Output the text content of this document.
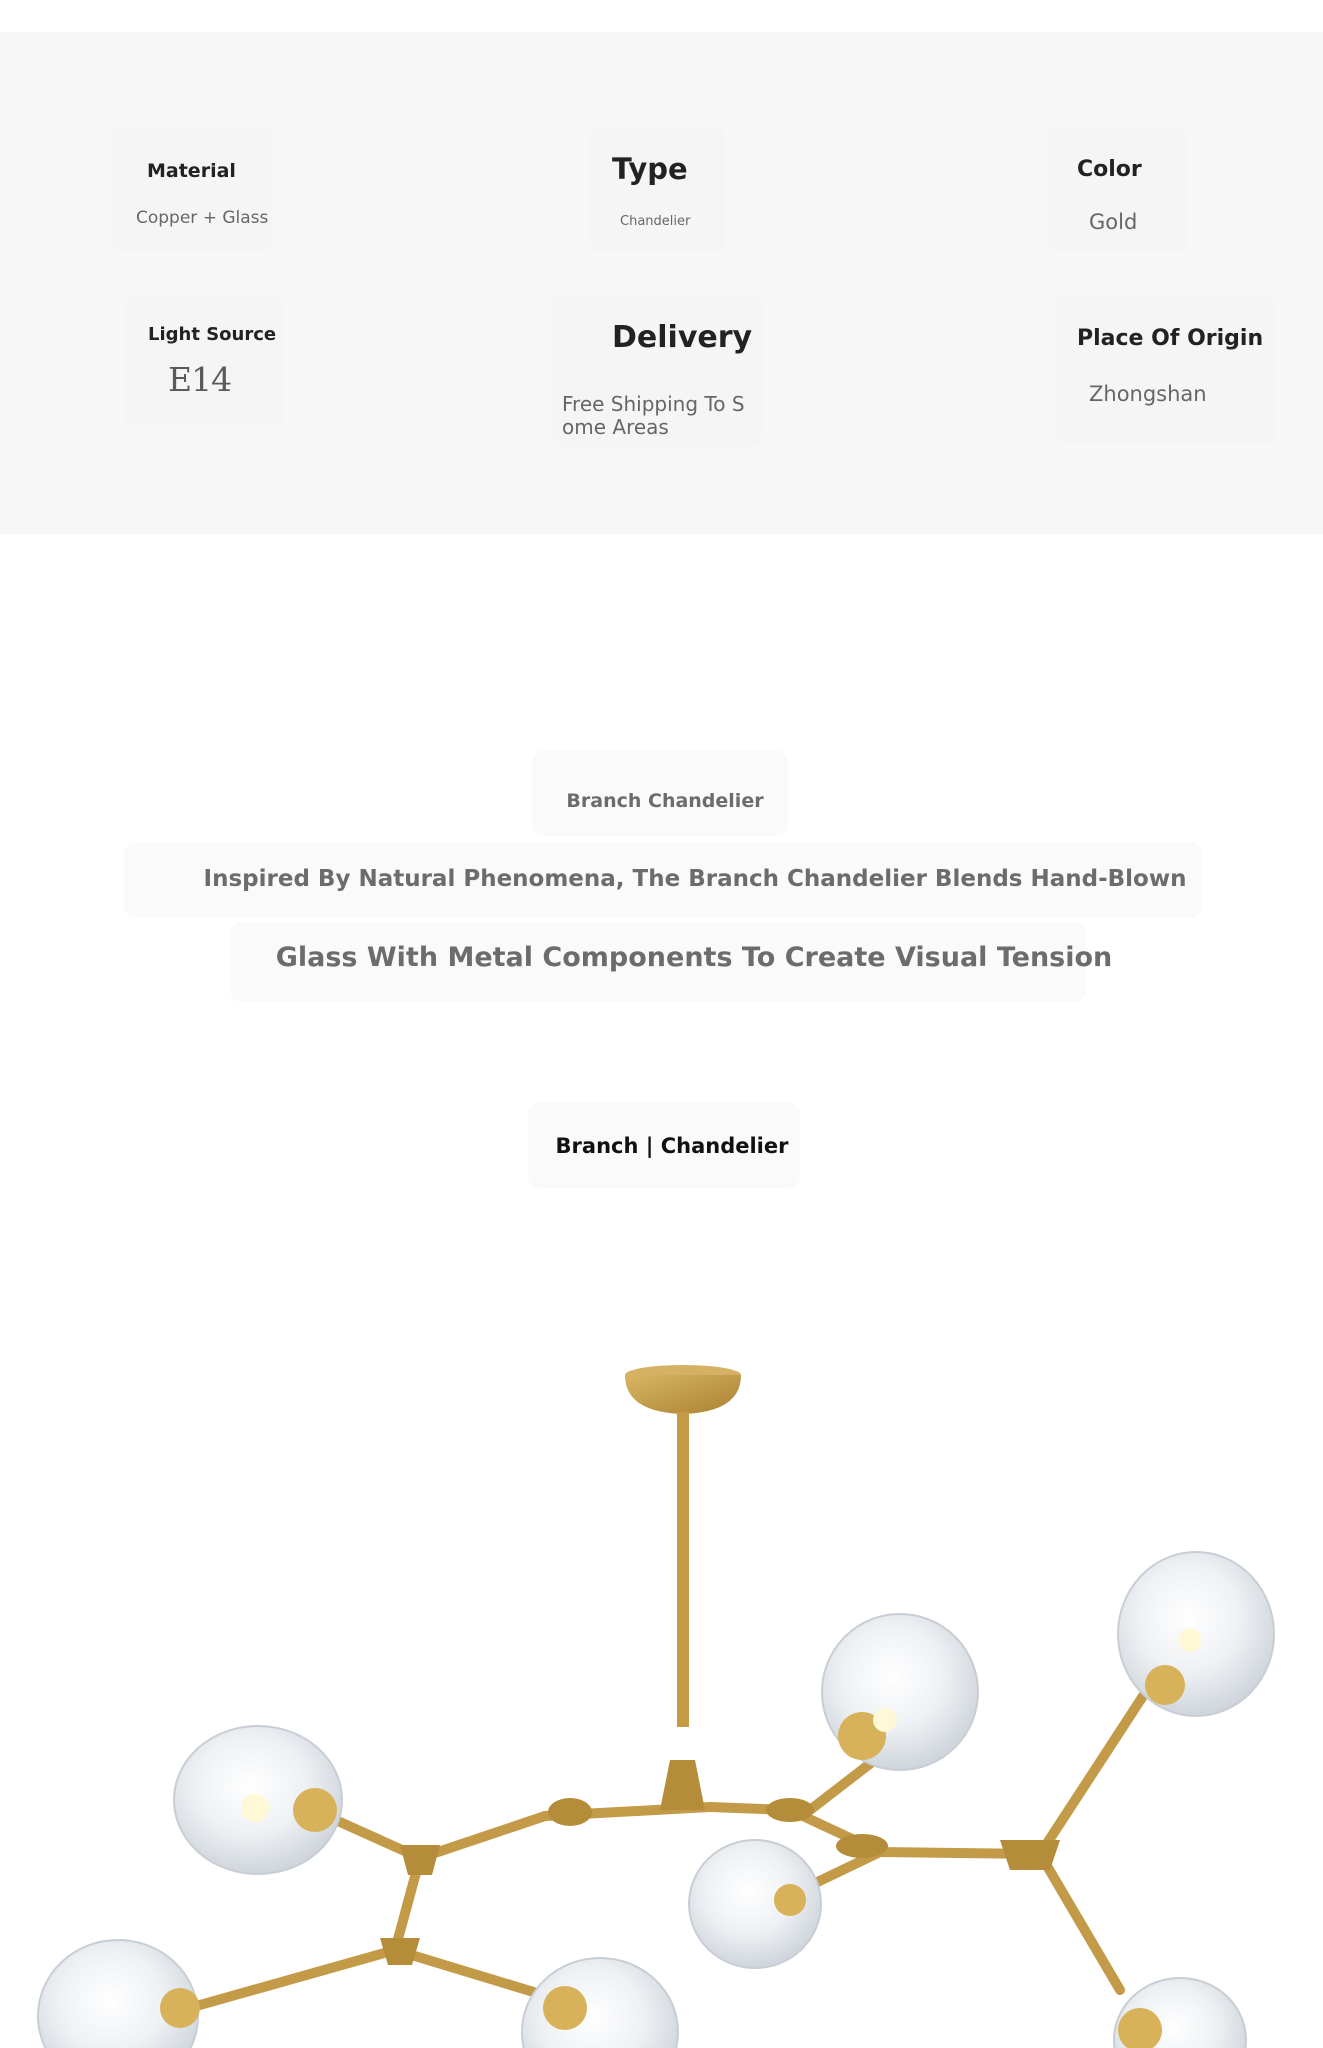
Material
Copper + Glass
Type
Chandelier
Color
Gold
Light Source
E14
Delivery
Free Shipping To S
ome Areas
Place Of Origin
Zhongshan
Branch Chandelier
Inspired By Natural Phenomena, The Branch Chandelier Blends Hand-Blown
Glass With Metal Components To Create Visual Tension
Branch | Chandelier
